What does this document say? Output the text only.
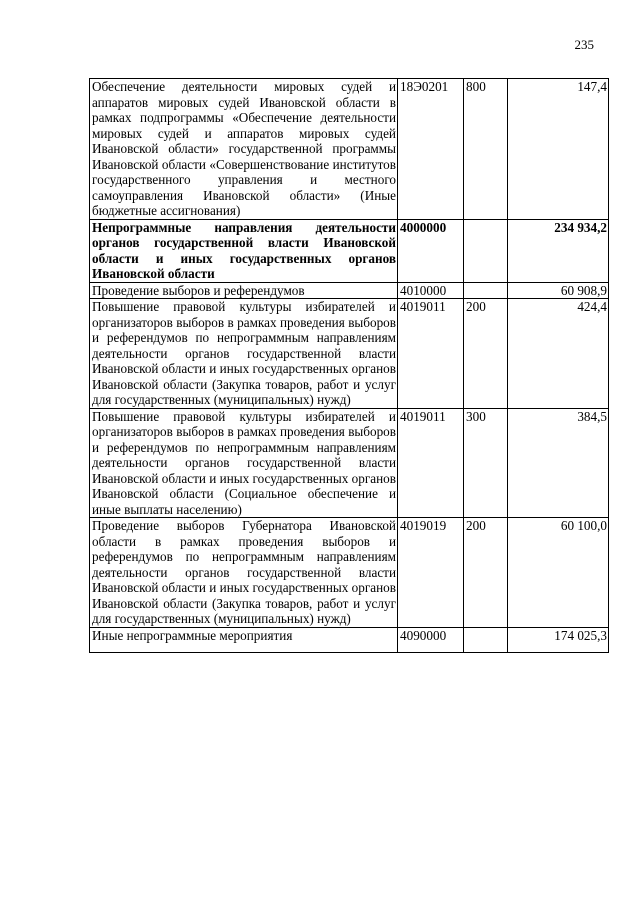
235
Обеспечение деятельности мировых судей и аппаратов мировых судей Ивановской области в рамках подпрограммы «Обеспечение деятельности мировых судей и аппаратов мировых судей Ивановской области» государственной программы Ивановской области «Совершенствование институтов государственного управления и местного самоуправления Ивановской области» (Иные бюджетные ассигнования)	18Э0201	800	147,4
Непрограммные направления деятельности органов государственной власти Ивановской области и иных государственных органов Ивановской области	4000000		234 934,2
Проведение выборов и референдумов	4010000		60 908,9
Повышение правовой культуры избирателей и организаторов выборов в рамках проведения выборов и референдумов по непрограммным направлениям деятельности органов государственной власти Ивановской области и иных государственных органов Ивановской области (Закупка товаров, работ и услуг для государственных (муниципальных) нужд)	4019011	200	424,4
Повышение правовой культуры избирателей и организаторов выборов в рамках проведения выборов и референдумов по непрограммным направлениям деятельности органов государственной власти Ивановской области и иных государственных органов Ивановской области (Социальное обеспечение и иные выплаты населению)	4019011	300	384,5
Проведение выборов Губернатора Ивановской области в рамках проведения выборов и референдумов по непрограммным направлениям деятельности органов государственной власти Ивановской области и иных государственных органов Ивановской области (Закупка товаров, работ и услуг для государственных (муниципальных) нужд)	4019019	200	60 100,0
Иные непрограммные мероприятия	4090000		174 025,3
